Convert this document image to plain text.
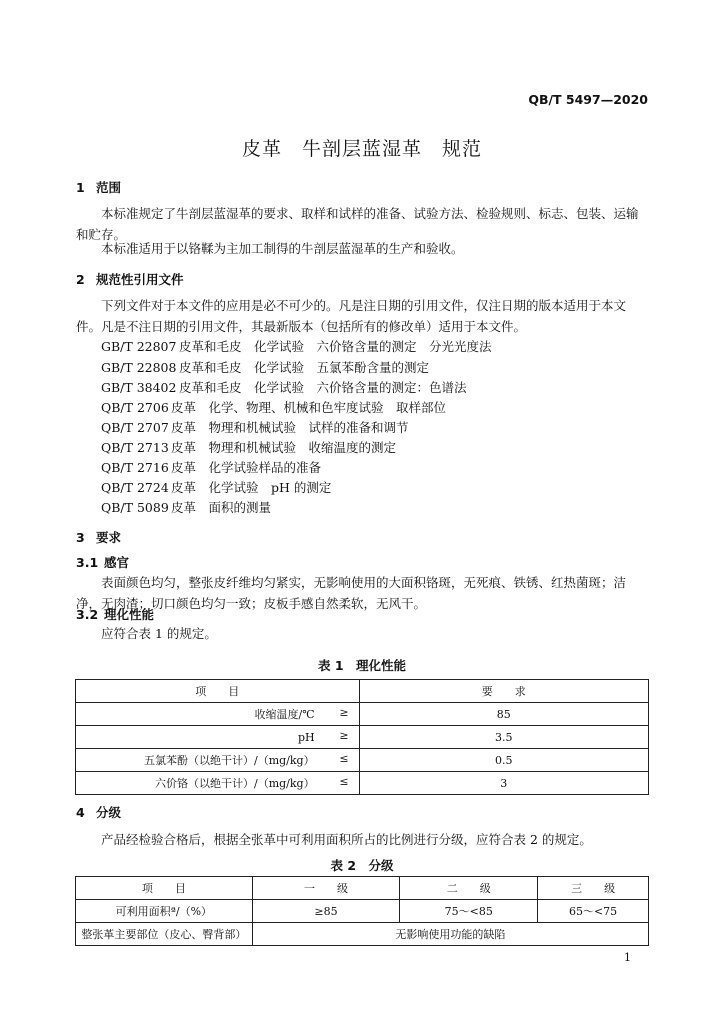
QB/T 5497—2020
皮革　牛剖层蓝湿革　规范
1 范围
本标准规定了牛剖层蓝湿革的要求、取样和试样的准备、试验方法、检验规则、标志、包装、运输和贮存。
本标准适用于以铬鞣为主加工制得的牛剖层蓝湿革的生产和验收。
2 规范性引用文件
下列文件对于本文件的应用是必不可少的。凡是注日期的引用文件，仅注日期的版本适用于本文件。凡是不注日期的引用文件，其最新版本（包括所有的修改单）适用于本文件。
GB/T 22807 皮革和毛皮　化学试验　六价铬含量的测定　分光光度法
GB/T 22808 皮革和毛皮　化学试验　五氯苯酚含量的测定
GB/T 38402 皮革和毛皮　化学试验　六价铬含量的测定：色谱法
QB/T 2706 皮革　化学、物理、机械和色牢度试验　取样部位
QB/T 2707 皮革　物理和机械试验　试样的准备和调节
QB/T 2713 皮革　物理和机械试验　收缩温度的测定
QB/T 2716 皮革　化学试验样品的准备
QB/T 2724 皮革　化学试验　pH 的测定
QB/T 5089 皮革　面积的测量
3 要求
3.1 感官
表面颜色均匀，整张皮纤维均匀紧实，无影响使用的大面积铬斑，无死痕、铁锈、红热菌斑；洁净，无肉渣；切口颜色均匀一致；皮板手感自然柔软，无风干。
3.2 理化性能
应符合表 1 的规定。
表 1　理化性能
项　　目	要　　求
收缩温度/℃ ≥	85
pH ≥	3.5
五氯苯酚（以绝干计）/（mg/kg） ≤	0.5
六价铬（以绝干计）/（mg/kg） ≤	3
4 分级
产品经检验合格后，根据全张革中可利用面积所占的比例进行分级，应符合表 2 的规定。
表 2　分级
项　　目	一　　级	二　　级	三　　级
可利用面积ª/（%）	≥85	75～<85	65～<75
整张革主要部位（皮心、臀背部）	无影响使用功能的缺陷		
1
